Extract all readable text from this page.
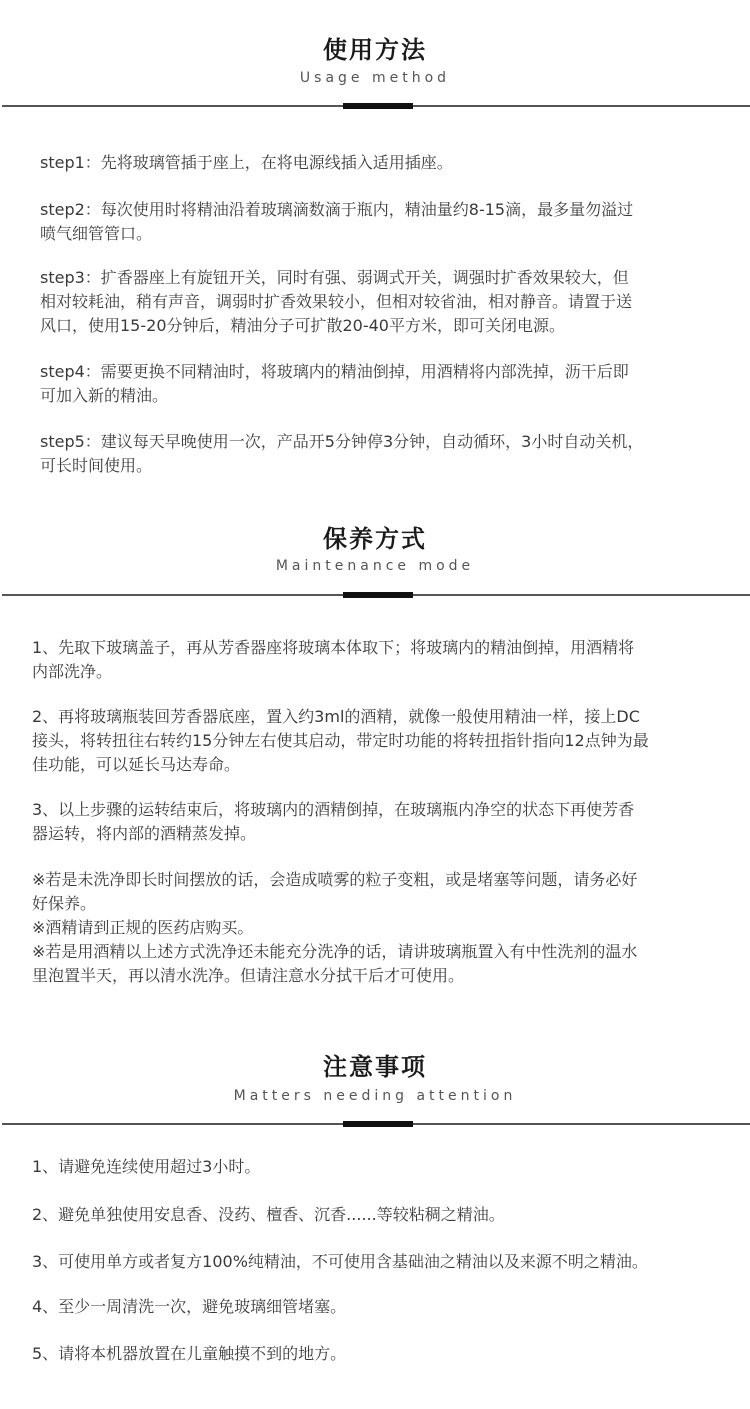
使用方法
Usage method
step1：先将玻璃管插于座上，在将电源线插入适用插座。
step2：每次使用时将精油沿着玻璃滴数滴于瓶内，精油量约8-15滴，最多量勿溢过
喷气细管管口。
step3：扩香器座上有旋钮开关，同时有强、弱调式开关，调强时扩香效果较大，但
相对较耗油，稍有声音，调弱时扩香效果较小，但相对较省油，相对静音。请置于送
风口，使用15-20分钟后，精油分子可扩散20-40平方米，即可关闭电源。
step4：需要更换不同精油时，将玻璃内的精油倒掉，用酒精将内部洗掉，沥干后即
可加入新的精油。
step5：建议每天早晚使用一次，产品开5分钟停3分钟，自动循环，3小时自动关机，
可长时间使用。
保养方式
Maintenance mode
1、先取下玻璃盖子，再从芳香器座将玻璃本体取下；将玻璃内的精油倒掉，用酒精将
内部洗净。
2、再将玻璃瓶装回芳香器底座，置入约3ml的酒精，就像一般使用精油一样，接上DC
接头，将转扭往右转约15分钟左右使其启动，带定时功能的将转扭指针指向12点钟为最
佳功能，可以延长马达寿命。
3、以上步骤的运转结束后，将玻璃内的酒精倒掉，在玻璃瓶内净空的状态下再使芳香
器运转，将内部的酒精蒸发掉。
※若是未洗净即长时间摆放的话，会造成喷雾的粒子变粗，或是堵塞等问题，请务必好
好保养。
※酒精请到正规的医药店购买。
※若是用酒精以上述方式洗净还未能充分洗净的话，请讲玻璃瓶置入有中性洗剂的温水
里泡置半天，再以清水洗净。但请注意水分拭干后才可使用。
注意事项
Matters needing attention
1、请避免连续使用超过3小时。
2、避免单独使用安息香、没药、檀香、沉香......等较粘稠之精油。
3、可使用单方或者复方100%纯精油，不可使用含基础油之精油以及来源不明之精油。
4、至少一周清洗一次，避免玻璃细管堵塞。
5、请将本机器放置在儿童触摸不到的地方。
